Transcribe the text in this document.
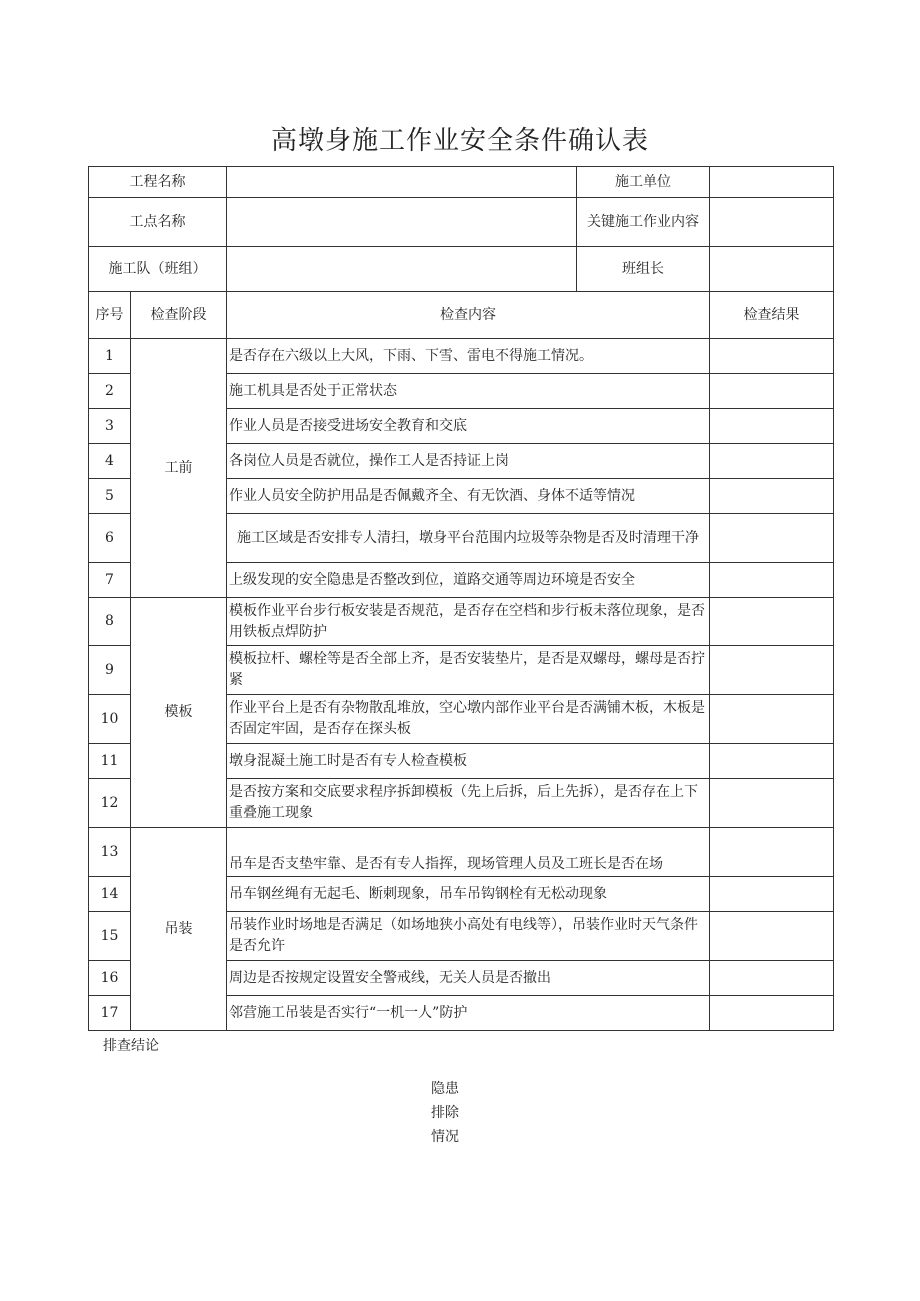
高墩身施工作业安全条件确认表
工程名称			施工单位	
工点名称			关键施工作业内容	
施工队（班组）			班组长	
序号	检查阶段	检查内容		检查结果
1	工前	是否存在六级以上大风，下雨、下雪、雷电不得施工情况。		
2		施工机具是否处于正常状态		
3		作业人员是否接受进场安全教育和交底		
4		各岗位人员是否就位，操作工人是否持证上岗		
5		作业人员安全防护用品是否佩戴齐全、有无饮酒、身体不适等情况		
6		施工区域是否安排专人清扫，墩身平台范围内垃圾等杂物是否及时清理干净		
7		上级发现的安全隐患是否整改到位，道路交通等周边环境是否安全		
8	模板	模板作业平台步行板安装是否规范，是否存在空档和步行板未落位现象，是否用铁板点焊防护		
9		模板拉杆、螺栓等是否全部上齐，是否安装垫片，是否是双螺母，螺母是否拧紧		
10		作业平台上是否有杂物散乱堆放，空心墩内部作业平台是否满铺木板，木板是否固定牢固，是否存在探头板		
11		墩身混凝土施工时是否有专人检查模板		
12		是否按方案和交底要求程序拆卸模板（先上后拆，后上先拆），是否存在上下重叠施工现象		
13	吊装	吊车是否支垫牢靠、是否有专人指挥，现场管理人员及工班长是否在场		
14		吊车钢丝绳有无起毛、断刺现象，吊车吊钩钢栓有无松动现象		
15		吊装作业时场地是否满足（如场地狭小高处有电线等），吊装作业时天气条件是否允许		
16		周边是否按规定设置安全警戒线，无关人员是否撤出		
17		邻营施工吊装是否实行“一机一人”防护		
排查结论
隐患排除情况
